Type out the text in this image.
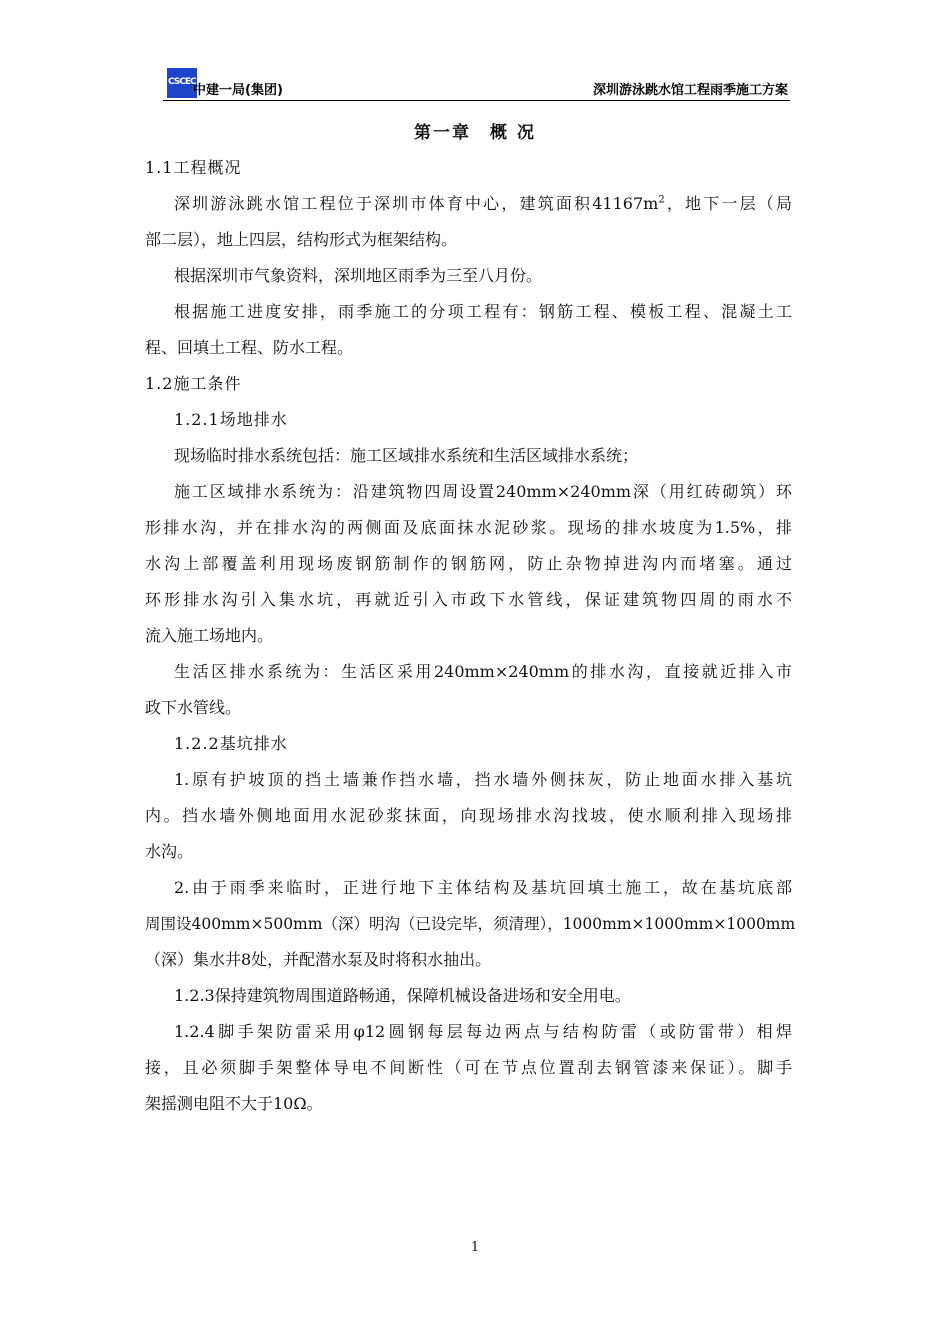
CSCEC
中建一局(集团)	深圳游泳跳水馆工程雨季施工方案
第一章　概 况
1.1工程概况
深圳游泳跳水馆工程位于深圳市体育中心，建筑面积$41167m^2$，地下一层（局
部二层），地上四层，结构形式为框架结构。
根据深圳市气象资料，深圳地区雨季为三至八月份。
根据施工进度安排，雨季施工的分项工程有：钢筋工程、模板工程、混凝土工
程、回填土工程、防水工程。
1.2施工条件
1.2.1场地排水
现场临时排水系统包括：施工区域排水系统和生活区域排水系统；
施工区域排水系统为：沿建筑物四周设置240mm×240mm深（用红砖砌筑）环
形排水沟，并在排水沟的两侧面及底面抹水泥砂浆。现场的排水坡度为1.5%，排
水沟上部覆盖利用现场废钢筋制作的钢筋网，防止杂物掉进沟内而堵塞。通过
环形排水沟引入集水坑，再就近引入市政下水管线，保证建筑物四周的雨水不
流入施工场地内。
生活区排水系统为：生活区采用240mm×240mm的排水沟，直接就近排入市
政下水管线。
1.2.2基坑排水
1.原有护坡顶的挡土墙兼作挡水墙，挡水墙外侧抹灰，防止地面水排入基坑
内。挡水墙外侧地面用水泥砂浆抹面，向现场排水沟找坡，使水顺利排入现场排
水沟。
2.由于雨季来临时，正进行地下主体结构及基坑回填土施工，故在基坑底部
周围设400mm×500mm（深）明沟（已设完毕，须清理），1000mm×1000mm×1000mm
（深）集水井8处，并配潜水泵及时将积水抽出。
1.2.3保持建筑物周围道路畅通，保障机械设备进场和安全用电。
1.2.4脚手架防雷采用φ12圆钢每层每边两点与结构防雷（或防雷带）相焊
接，且必须脚手架整体导电不间断性（可在节点位置刮去钢管漆来保证）。脚手
架摇测电阻不大于10Ω。
1
